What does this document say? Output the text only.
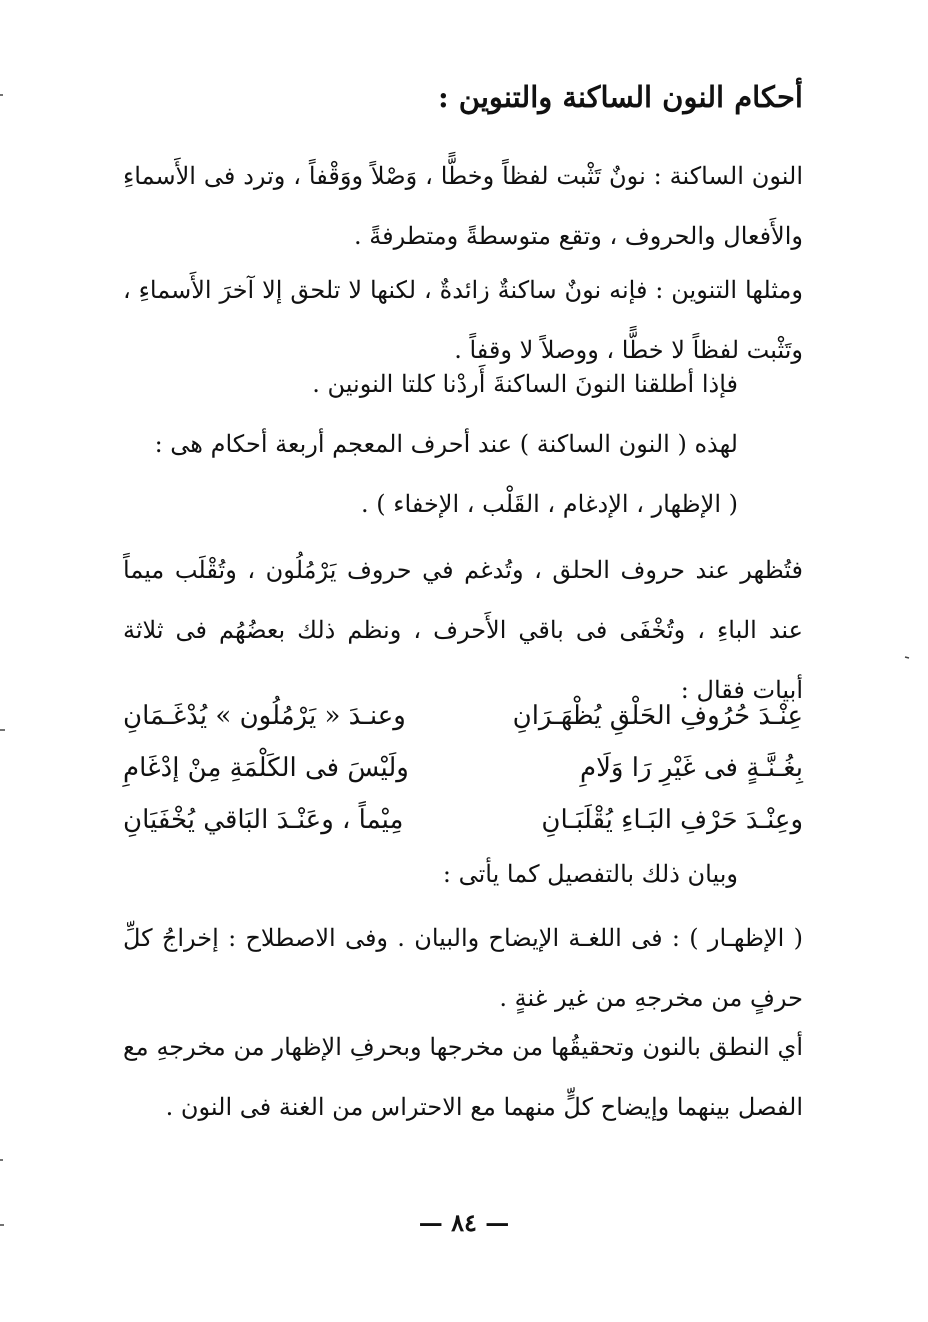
أحكام النون الساكنة والتنوين :
النون الساكنة : نونٌ تَثْبت لفظاً وخطًّا ، وَصْلاً ووَقْفاً ، وترد فى الأَسماءِ والأَفعال والحروف ، وتقع متوسطةً ومتطرفةً .
ومثلها التنوين : فإنه نونٌ ساكنةٌ زائدةٌ ، لكنها لا تلحق إلا آخرَ الأَسماءِ ، وتَثْبت لفظاً لا خطًّا ، ووصلاً لا وقفاً .
فإذا أطلقنا النونَ الساكنةَ أَردْنا كلتا النونين .
لهذه ( النون الساكنة ) عند أحرف المعجم أربعة أحكام هى :
( الإظهار ، الإدغام ، القَلْب ، الإخفاء ) .
فتُظهر عند حروف الحلق ، وتُدغم في حروف يَرْمُلُون ، وتُقْلَب ميماً عند الباءِ ، وتُخْفَى فى باقي الأَحرف ، ونظم ذلك بعضُهُم فى ثلاثة أبيات فقال :
عِنْـدَ حُرُوفِ الحَلْقِ يُظْهَـرَانِ
وعنـدَ « يَرْمُلُون » يُدْغَـمَانِ
بِغُـنَّـةٍ فى غَيْرِ رَا وَلَامِ
ولَيْسَ فى الكَلْمَةِ مِنْ إدْغَامِ
وعِنْـدَ حَرْفِ البَـاءِ يُقْلَبَـانِ
مِيْماً ، وعَنْـدَ البَاقي يُخْفَيَانِ
وبيان ذلك بالتفصيل كما يأتى :
( الإظهـار ) : فى اللغـة الإيضاح والبيان . وفى الاصطلاح : إخراجُ كلِّ حرفٍ من مخرجهِ من غير غنةٍ .
أي النطق بالنون وتحقيقُها من مخرجها وبحرفِ الإظهار من مخرجهِ مع الفصل بينهما وإيضاح كلٍّ منهما مع الاحتراس من الغنة فى النون .
— ٨٤ —
